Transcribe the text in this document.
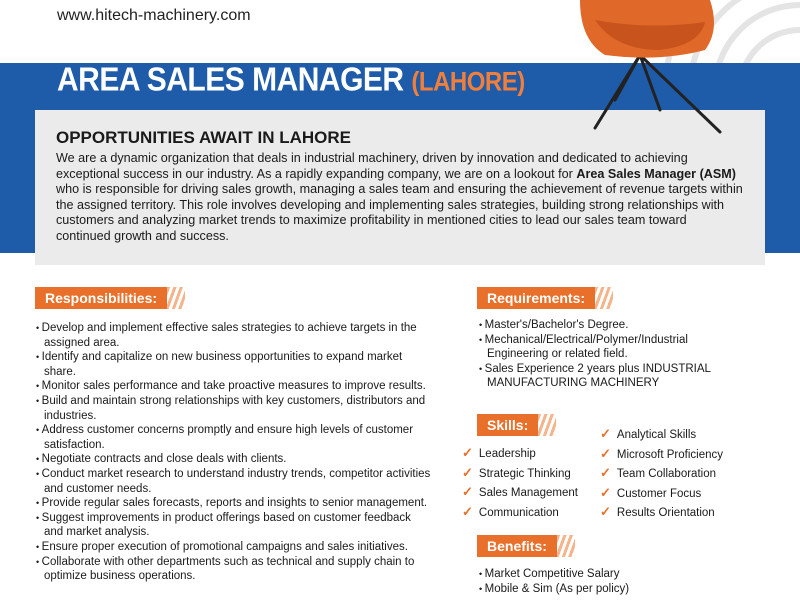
www.hitech-machinery.com
AREA SALES MANAGER (LAHORE)
OPPORTUNITIES AWAIT IN LAHORE

We are a dynamic organization that deals in industrial machinery, driven by innovation and dedicated to achieving exceptional success in our industry. As a rapidly expanding company, we are on a lookout for Area Sales Manager (ASM) who is responsible for driving sales growth, managing a sales team and ensuring the achievement of revenue targets within the assigned territory. This role involves developing and implementing sales strategies, building strong relationships with customers and analyzing market trends to maximize profitability in mentioned cities to lead our sales team toward continued growth and success.

Responsibilities:
• Develop and implement effective sales strategies to achieve targets in the assigned area.
• Identify and capitalize on new business opportunities to expand market share.
• Monitor sales performance and take proactive measures to improve results.
• Build and maintain strong relationships with key customers, distributors and industries.
• Address customer concerns promptly and ensure high levels of customer satisfaction.
• Negotiate contracts and close deals with clients.
• Conduct market research to understand industry trends, competitor activities and customer needs.
• Provide regular sales forecasts, reports and insights to senior management.
• Suggest improvements in product offerings based on customer feedback and market analysis.
• Ensure proper execution of promotional campaigns and sales initiatives.
• Collaborate with other departments such as technical and supply chain to optimize business operations.
Requirements:
• Master's/Bachelor's Degree.
• Mechanical/Electrical/Polymer/Industrial Engineering or related field.
• Sales Experience 2 years plus INDUSTRIAL MANUFACTURING MACHINERY
Skills:
✓ Leadership
✓ Strategic Thinking
✓ Sales Management
✓ Communication
✓ Analytical Skills
✓ Microsoft Proficiency
✓ Team Collaboration
✓ Customer Focus
✓ Results Orientation
Benefits:
• Market Competitive Salary
• Mobile & Sim (As per policy)
